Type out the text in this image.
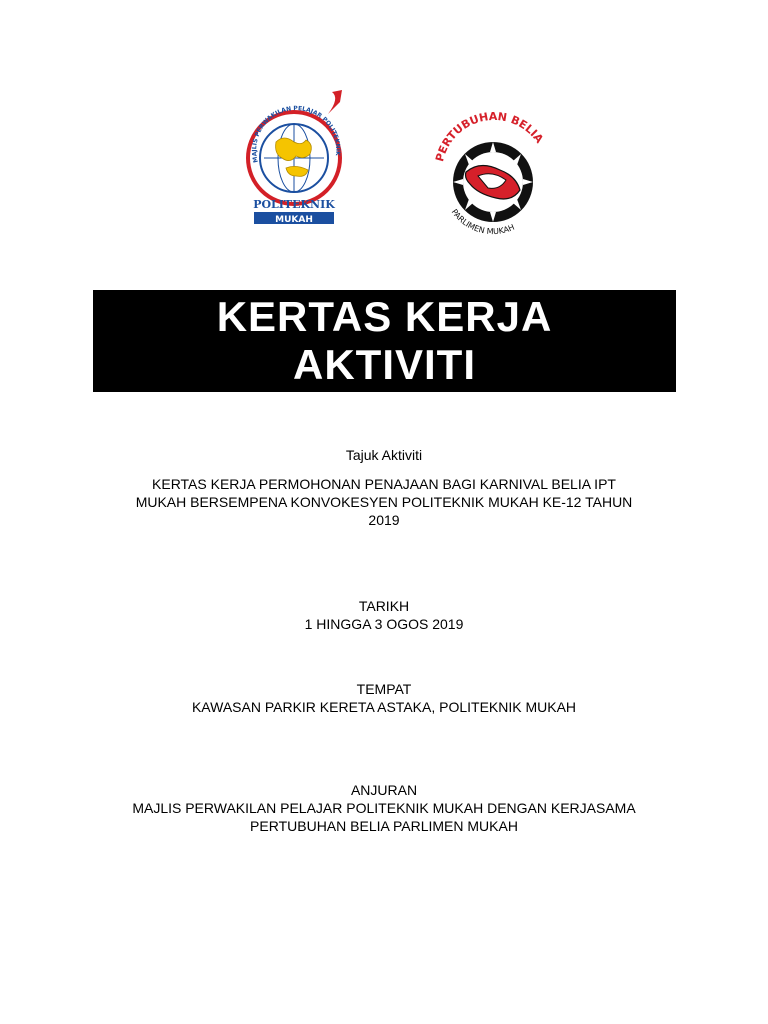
MAJLIS PERWAKILAN PELAJAR POLITEKNIK
POLITEKNIK
MUKAH
PERTUBUHAN BELIA
PARLIMEN MUKAH
KERTAS KERJA
AKTIVITI
Tajuk Aktiviti
KERTAS KERJA PERMOHONAN PENAJAAN BAGI KARNIVAL BELIA IPT
MUKAH BERSEMPENA KONVOKESYEN POLITEKNIK MUKAH KE-12 TAHUN
2019
TARIKH
1 HINGGA 3 OGOS 2019
TEMPAT
KAWASAN PARKIR KERETA ASTAKA, POLITEKNIK MUKAH
ANJURAN
MAJLIS PERWAKILAN PELAJAR POLITEKNIK MUKAH DENGAN KERJASAMA
PERTUBUHAN BELIA PARLIMEN MUKAH
